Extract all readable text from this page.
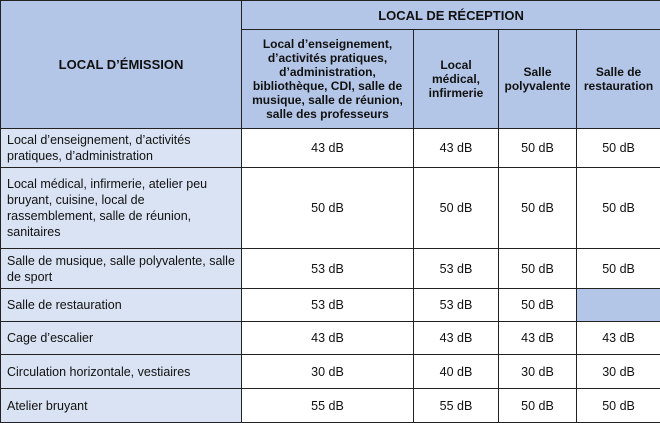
LOCAL D’ÉMISSION	LOCAL DE RÉCEPTION			
	Local d’enseignement, d’activités pratiques, d’administration, bibliothèque, CDI, salle de musique, salle de réunion, salle des professeurs	Local médical, infirmerie	Salle polyvalente	Salle de restauration
Local d’enseignement, d’activités pratiques, d’administration	43 dB	43 dB	50 dB	50 dB
Local médical, infirmerie, atelier peu bruyant, cuisine, local de rassemblement, salle de réunion, sanitaires	50 dB	50 dB	50 dB	50 dB
Salle de musique, salle polyvalente, salle de sport	53 dB	53 dB	50 dB	50 dB
Salle de restauration	53 dB	53 dB	50 dB	
Cage d’escalier	43 dB	43 dB	43 dB	43 dB
Circulation horizontale, vestiaires	30 dB	40 dB	30 dB	30 dB
Atelier bruyant	55 dB	55 dB	50 dB	50 dB
